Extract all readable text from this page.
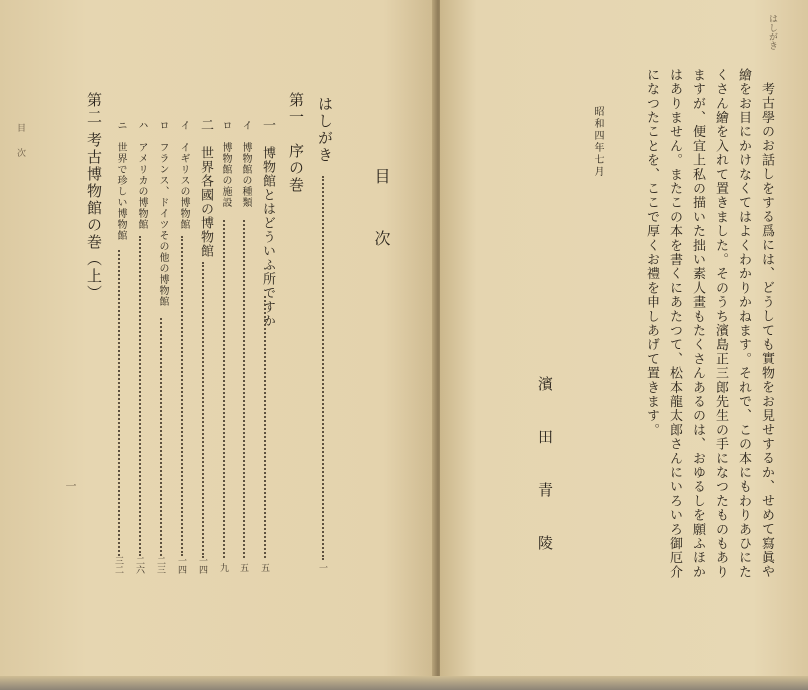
目
次
一
目次
はしがき
一
第一　序の巻
一　博物館とはどういふ所ですか
五
イ　博物館の種類
五
ロ　博物館の施設
九
二　世界各國の博物館
一四
イ　イギリスの博物館
一四
ロ　フランス、ドイツその他の博物館
二三
ハ　アメリカの博物館
二六
ニ　世界で珍しい博物館
三二
第二
考古博物館の巻（上）
はしがき
考古學のお話しをする爲には、どうしても實物をお見せするか、せめて寫眞や
繪をお目にかけなくてはよくわかりかねます。それで、この本にもわりあひにた
くさん繪を入れて置きました。そのうち濱島正三郎先生の手になつたものもあり
ますが、便宜上私の描いた拙い素人畫もたくさんあるのは、おゆるしを願ふほか
はありません。またこの本を書くにあたつて、松本龍太郎さんにいろいろ御厄介
になつたことを、ここで厚くお禮を申しあげて置きます。
昭和四年七月
濱田青陵
